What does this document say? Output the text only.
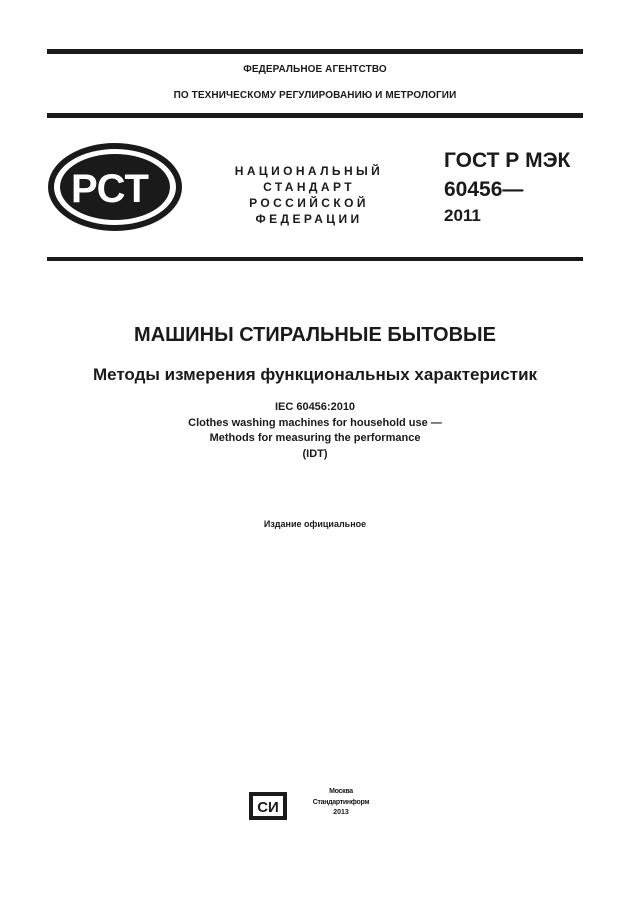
ФЕДЕРАЛЬНОЕ АГЕНТСТВО
ПО ТЕХНИЧЕСКОМУ РЕГУЛИРОВАНИЮ И МЕТРОЛОГИИ
РСТ	НАЦИОНАЛЬНЫЙ
СТАНДАРТ
РОССИЙСКОЙ
ФЕДЕРАЦИИ
ГОСТ Р МЭК
60456—
2011
МАШИНЫ СТИРАЛЬНЫЕ БЫТОВЫЕ
Методы измерения функциональных характеристик
IEC 60456:2010
Clothes washing machines for household use —
Methods for measuring the performance
(IDT)
Издание официальное
СИ
Москва
Стандартинформ
2013
